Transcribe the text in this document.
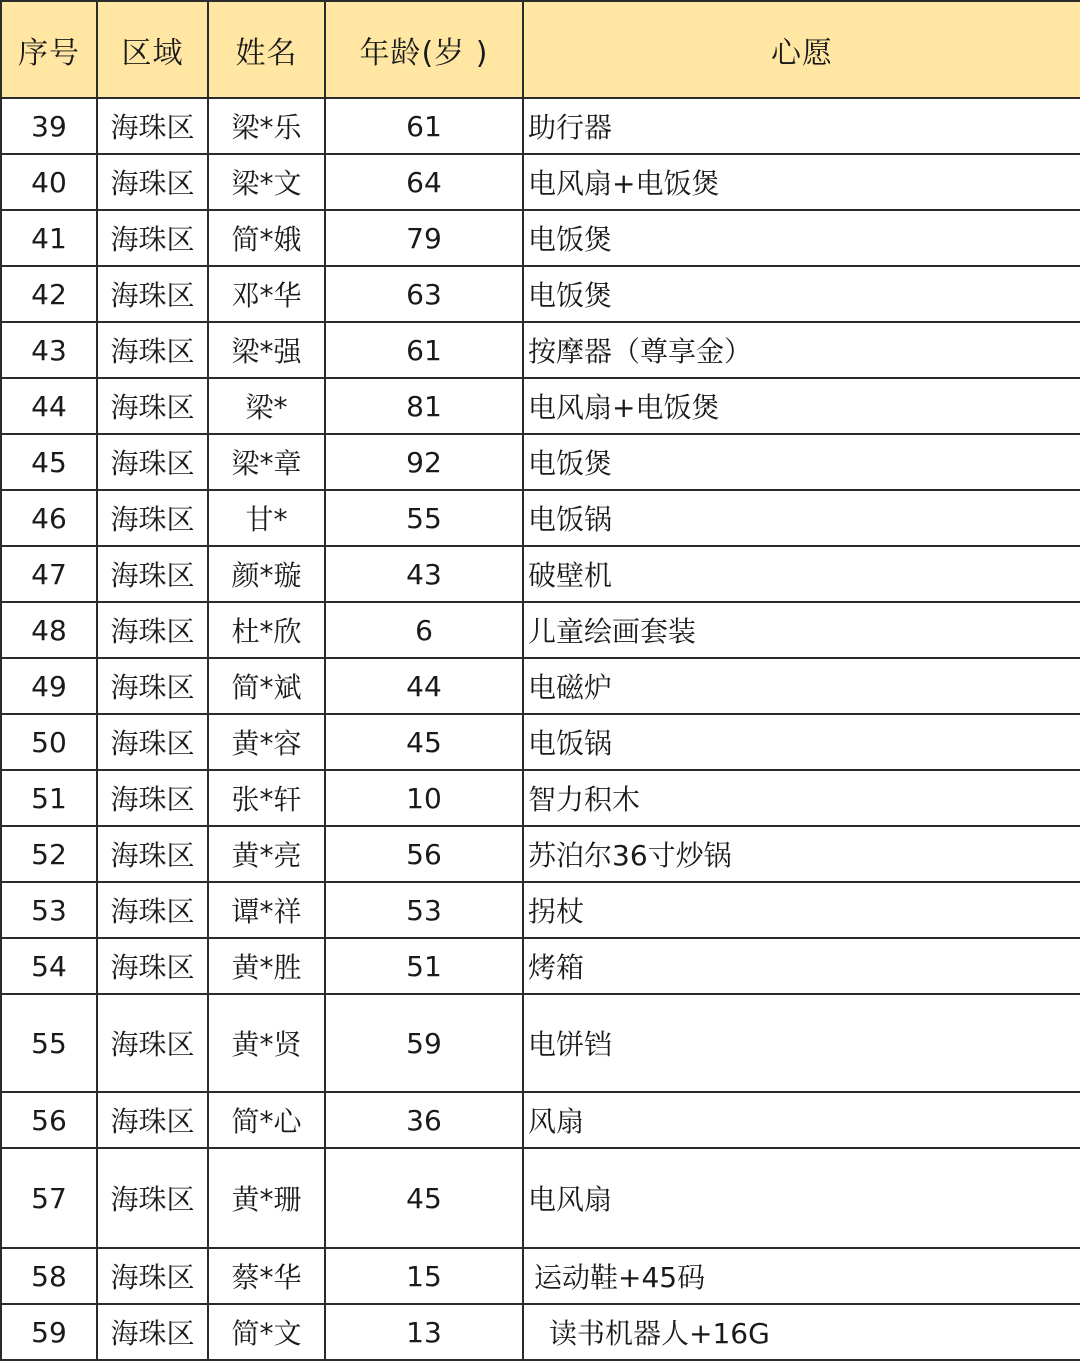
序号	区域	姓名	年龄(岁 )	心愿
39	海珠区	梁*乐	61	助行器
40	海珠区	梁*文	64	电风扇+电饭煲
41	海珠区	简*娥	79	电饭煲
42	海珠区	邓*华	63	电饭煲
43	海珠区	梁*强	61	按摩器（尊享金）
44	海珠区	梁*	81	电风扇+电饭煲
45	海珠区	梁*章	92	电饭煲
46	海珠区	甘*	55	电饭锅
47	海珠区	颜*璇	43	破壁机
48	海珠区	杜*欣	6	儿童绘画套装
49	海珠区	简*斌	44	电磁炉
50	海珠区	黄*容	45	电饭锅
51	海珠区	张*轩	10	智力积木
52	海珠区	黄*亮	56	苏泊尔36寸炒锅
53	海珠区	谭*祥	53	拐杖
54	海珠区	黄*胜	51	烤箱
55	海珠区	黄*贤	59	电饼铛
56	海珠区	简*心	36	风扇
57	海珠区	黄*珊	45	电风扇
58	海珠区	蔡*华	15	运动鞋+45码
59	海珠区	简*文	13	读书机器人+16G
